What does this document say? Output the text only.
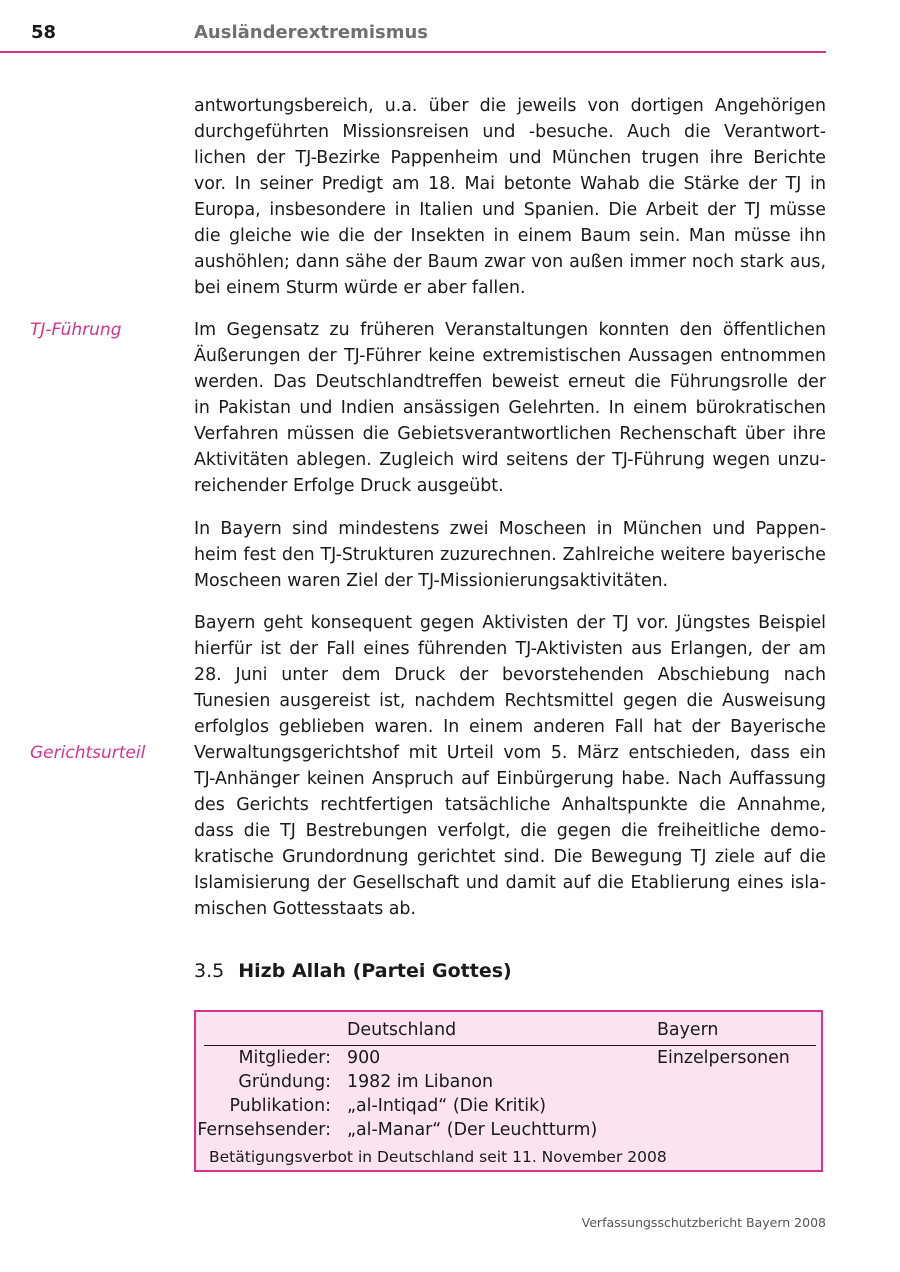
58	Ausländerextremismus

antwortungsbereich, u.a. über die jeweils von dortigen Angehörigen
durchgeführten Missionsreisen und -besuche. Auch die Verantwort-
lichen der TJ-Bezirke Pappenheim und München trugen ihre Berichte
vor. In seiner Predigt am 18. Mai betonte Wahab die Stärke der TJ in
Europa, insbesondere in Italien und Spanien. Die Arbeit der TJ müsse
die gleiche wie die der Insekten in einem Baum sein. Man müsse ihn
aushöhlen; dann sähe der Baum zwar von außen immer noch stark aus,
bei einem Sturm würde er aber fallen.

TJ-Führung	Im Gegensatz zu früheren Veranstaltungen konnten den öffentlichen
Äußerungen der TJ-Führer keine extremistischen Aussagen entnommen
werden. Das Deutschlandtreffen beweist erneut die Führungsrolle der
in Pakistan und Indien ansässigen Gelehrten. In einem bürokratischen
Verfahren müssen die Gebietsverantwortlichen Rechenschaft über ihre
Aktivitäten ablegen. Zugleich wird seitens der TJ-Führung wegen unzu-
reichender Erfolge Druck ausgeübt.

In Bayern sind mindestens zwei Moscheen in München und Pappen-
heim fest den TJ-Strukturen zuzurechnen. Zahlreiche weitere bayerische
Moscheen waren Ziel der TJ-Missionierungsaktivitäten.

Bayern geht konsequent gegen Aktivisten der TJ vor. Jüngstes Beispiel
hierfür ist der Fall eines führenden TJ-Aktivisten aus Erlangen, der am
28. Juni unter dem Druck der bevorstehenden Abschiebung nach
Tunesien ausgereist ist, nachdem Rechtsmittel gegen die Ausweisung
erfolglos geblieben waren. In einem anderen Fall hat der Bayerische
Verwaltungsgerichtshof mit Urteil vom 5. März entschieden, dass ein
TJ-Anhänger keinen Anspruch auf Einbürgerung habe. Nach Auffassung
des Gerichts rechtfertigen tatsächliche Anhaltspunkte die Annahme,
dass die TJ Bestrebungen verfolgt, die gegen die freiheitliche demo-
kratische Grundordnung gerichtet sind. Die Bewegung TJ ziele auf die
Islamisierung der Gesellschaft und damit auf die Etablierung eines isla-
mischen Gottesstaats ab.

Gerichtsurteil
3.5 Hizb Allah (Partei Gottes)
Deutschland	Bayern
Mitglieder: 900	Einzelpersonen
Gründung: 1982 im Libanon
Publikation: „al-Intiqad“ (Die Kritik)
Fernsehsender: „al-Manar“ (Der Leuchtturm)
Betätigungsverbot in Deutschland seit 11. November 2008
Verfassungsschutzbericht Bayern 2008
